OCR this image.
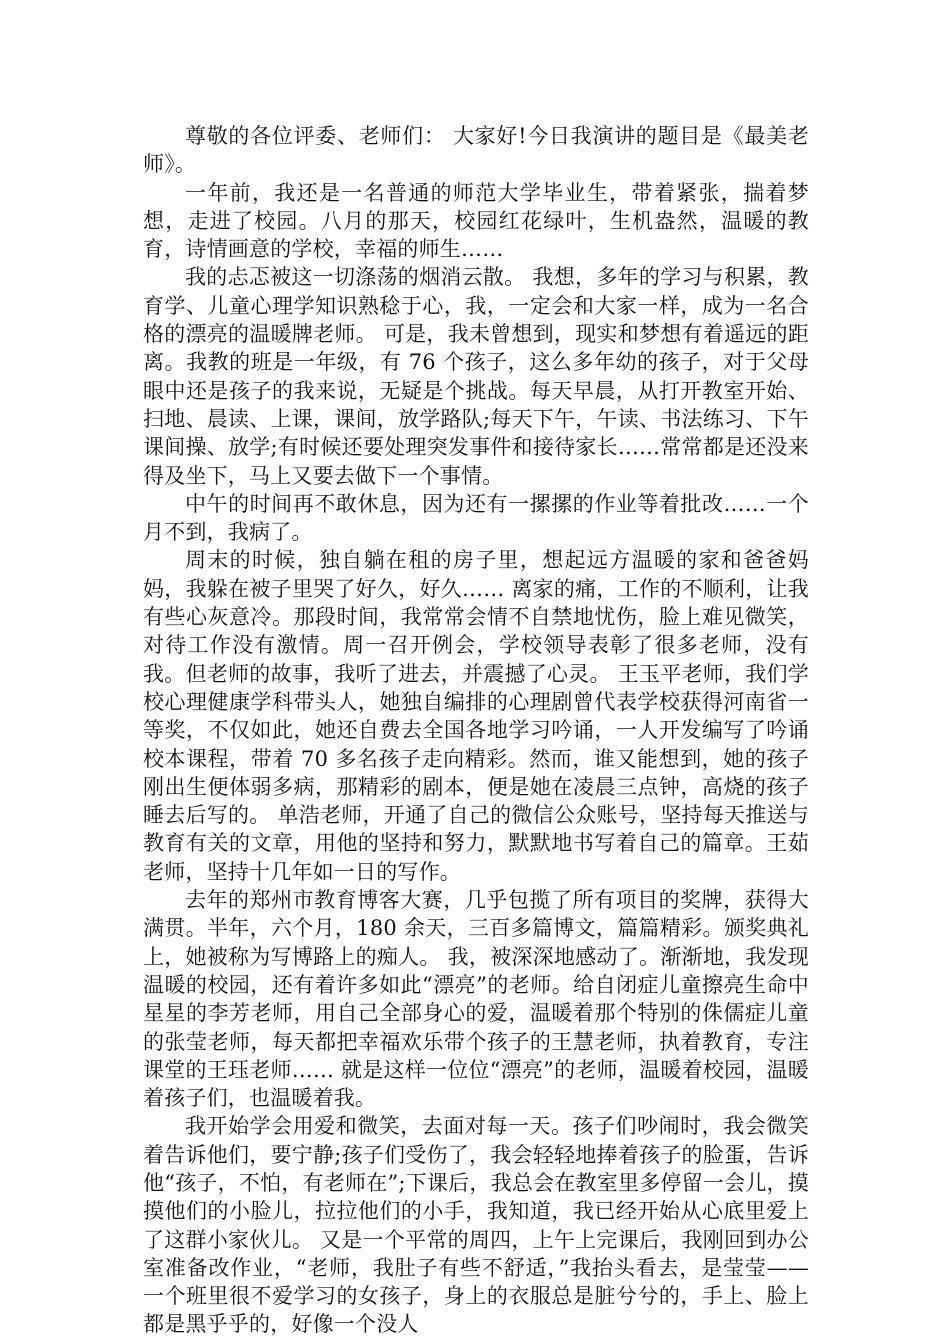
尊敬的各位评委、老师们： 大家好!今日我演讲的题目是《最美老师》。

一年前，我还是一名普通的师范大学毕业生，带着紧张，揣着梦想，走进了校园。八月的那天，校园红花绿叶，生机盎然，温暖的教育，诗情画意的学校，幸福的师生……

我的忐忑被这一切涤荡的烟消云散。 我想，多年的学习与积累，教育学、儿童心理学知识熟稔于心，我，一定会和大家一样，成为一名合格的漂亮的温暖牌老师。 可是，我未曾想到，现实和梦想有着遥远的距离。我教的班是一年级，有 76 个孩子，这么多年幼的孩子，对于父母眼中还是孩子的我来说，无疑是个挑战。每天早晨，从打开教室开始、扫地、晨读、上课，课间，放学路队;每天下午，午读、书法练习、下午课间操、放学;有时候还要处理突发事件和接待家长……常常都是还没来得及坐下，马上又要去做下一个事情。

中午的时间再不敢休息，因为还有一摞摞的作业等着批改……一个月不到，我病了。

周末的时候，独自躺在租的房子里，想起远方温暖的家和爸爸妈妈，我躲在被子里哭了好久，好久…… 离家的痛，工作的不顺利，让我有些心灰意冷。那段时间，我常常会情不自禁地忧伤，脸上难见微笑，对待工作没有激情。周一召开例会，学校领导表彰了很多老师，没有我。但老师的故事，我听了进去，并震撼了心灵。 王玉平老师，我们学校心理健康学科带头人，她独自编排的心理剧曾代表学校获得河南省一等奖，不仅如此，她还自费去全国各地学习吟诵，一人开发编写了吟诵校本课程，带着 70 多名孩子走向精彩。然而，谁又能想到，她的孩子刚出生便体弱多病，那精彩的剧本，便是她在凌晨三点钟，高烧的孩子睡去后写的。 单浩老师，开通了自己的微信公众账号，坚持每天推送与教育有关的文章，用他的坚持和努力，默默地书写着自己的篇章。王茹老师，坚持十几年如一日的写作。

去年的郑州市教育博客大赛，几乎包揽了所有项目的奖牌，获得大满贯。半年，六个月，180 余天，三百多篇博文，篇篇精彩。颁奖典礼上，她被称为写博路上的痴人。 我，被深深地感动了。渐渐地，我发现温暖的校园，还有着许多如此“漂亮”的老师。给自闭症儿童擦亮生命中星星的李芳老师，用自己全部身心的爱，温暖着那个特别的侏儒症儿童的张莹老师，每天都把幸福欢乐带个孩子的王慧老师，执着教育，专注课堂的王珏老师…… 就是这样一位位“漂亮”的老师，温暖着校园，温暖着孩子们，也温暖着我。

我开始学会用爱和微笑，去面对每一天。孩子们吵闹时，我会微笑着告诉他们，要宁静;孩子们受伤了，我会轻轻地捧着孩子的脸蛋，告诉他“孩子，不怕，有老师在”;下课后，我总会在教室里多停留一会儿，摸摸他们的小脸儿，拉拉他们的小手，我知道，我已经开始从心底里爱上了这群小家伙儿。 又是一个平常的周四，上午上完课后，我刚回到办公室准备改作业，“老师，我肚子有些不舒适，”我抬头看去，是莹莹——一个班里很不爱学习的女孩子，身上的衣服总是脏兮兮的，手上、脸上都是黑乎乎的，好像一个没人
